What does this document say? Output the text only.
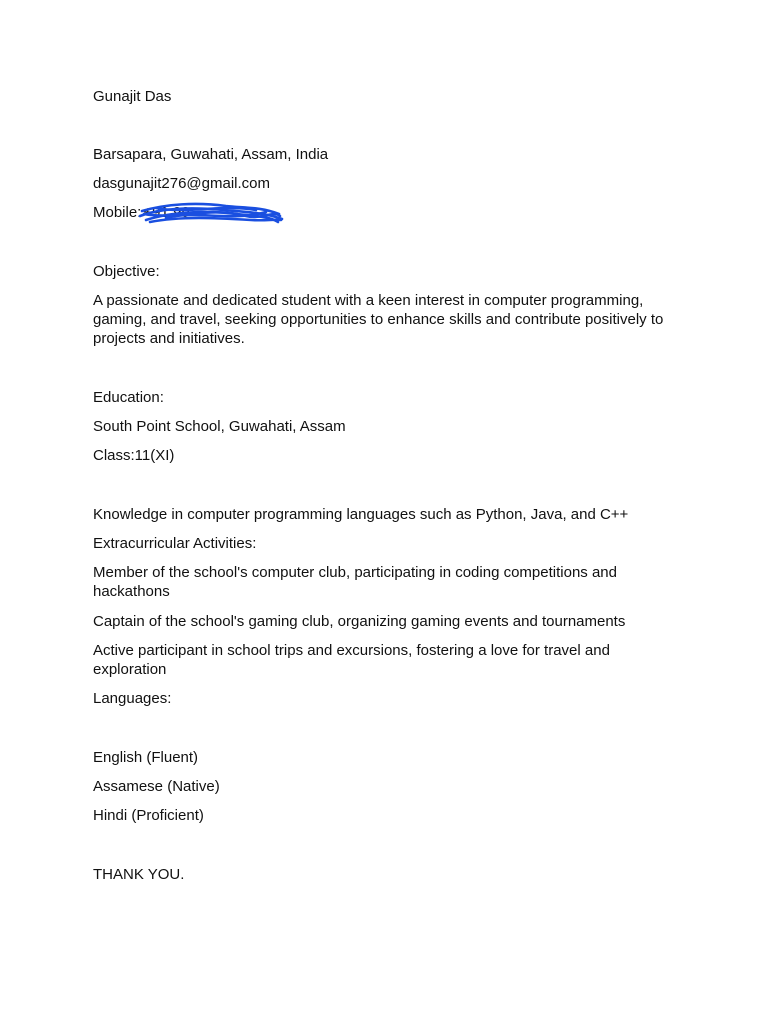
Gunajit Das
Barsapara, Guwahati, Assam, India
dasgunajit276@gmail.com
Mobile: +91 99
Objective:
A passionate and dedicated student with a keen interest in computer programming, gaming, and travel, seeking opportunities to enhance skills and contribute positively to projects and initiatives.
Education:
South Point School, Guwahati, Assam
Class:11(XI)
Knowledge in computer programming languages such as Python, Java, and C++
Extracurricular Activities:
Member of the school's computer club, participating in coding competitions and hackathons
Captain of the school's gaming club, organizing gaming events and tournaments
Active participant in school trips and excursions, fostering a love for travel and exploration
Languages:
English (Fluent)
Assamese (Native)
Hindi (Proficient)
THANK YOU.
